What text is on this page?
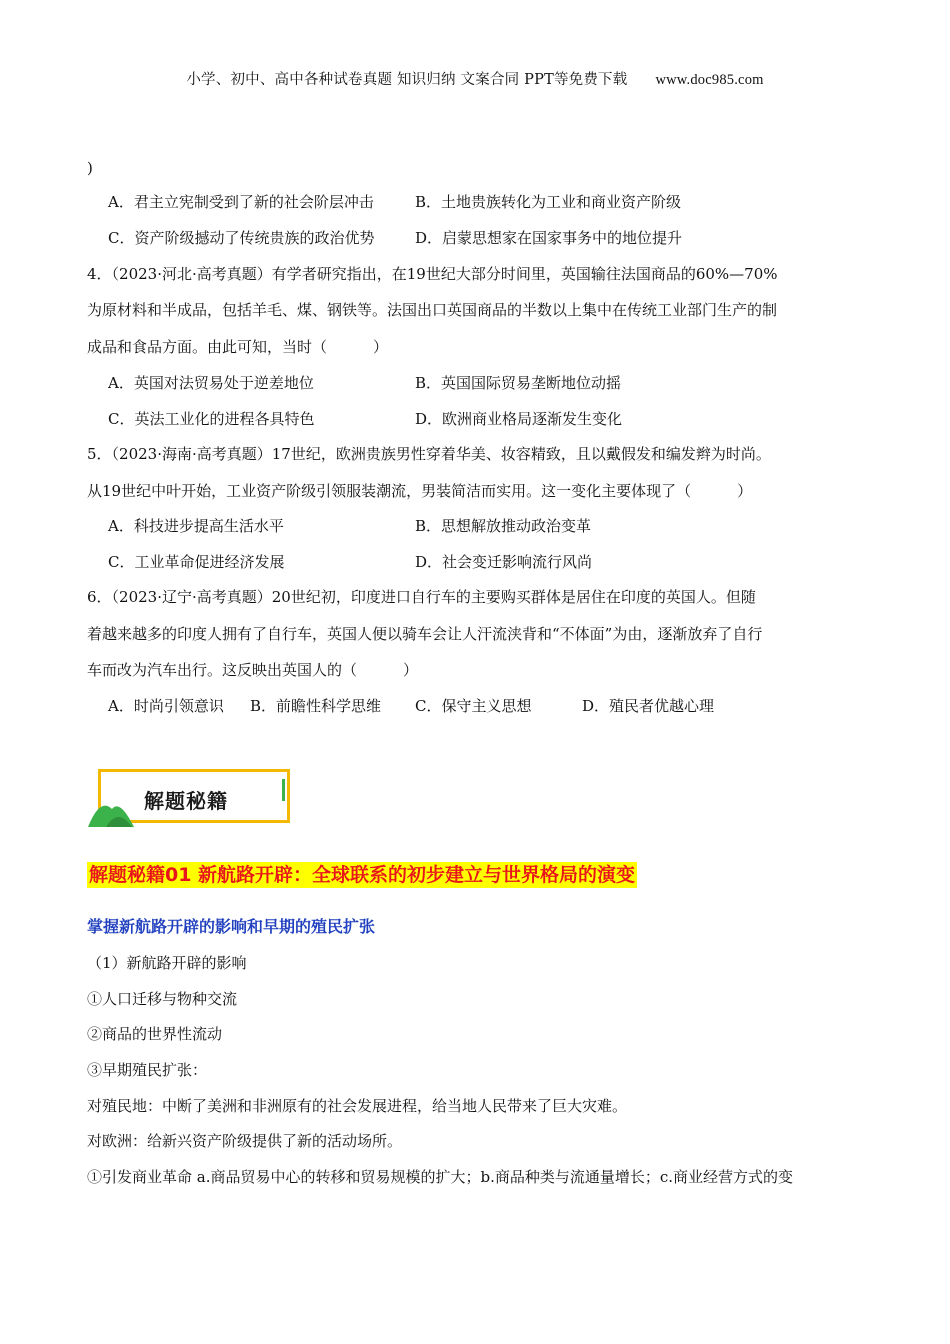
小学、初中、高中各种试卷真题 知识归纳 文案合同 PPT等免费下载 www.doc985.com
)
A．君主立宪制受到了新的社会阶层冲击	B．土地贵族转化为工业和商业资产阶级
C．资产阶级撼动了传统贵族的政治优势	D．启蒙思想家在国家事务中的地位提升
4．（2023·河北·高考真题）有学者研究指出，在19世纪大部分时间里，英国输往法国商品的60%—70%
为原材料和半成品，包括羊毛、煤、钢铁等。法国出口英国商品的半数以上集中在传统工业部门生产的制
成品和食品方面。由此可知，当时（	）
A．英国对法贸易处于逆差地位	B．英国国际贸易垄断地位动摇
C．英法工业化的进程各具特色	D．欧洲商业格局逐渐发生变化
5．（2023·海南·高考真题）17世纪，欧洲贵族男性穿着华美、妆容精致，且以戴假发和编发辫为时尚。
从19世纪中叶开始，工业资产阶级引领服装潮流，男装简洁而实用。这一变化主要体现了（	）
A．科技进步提高生活水平	B．思想解放推动政治变革
C．工业革命促进经济发展	D．社会变迁影响流行风尚
6．（2023·辽宁·高考真题）20世纪初，印度进口自行车的主要购买群体是居住在印度的英国人。但随
着越来越多的印度人拥有了自行车，英国人便以骑车会让人汗流浃背和“不体面”为由，逐渐放弃了自行
车而改为汽车出行。这反映出英国人的（	）
A．时尚引领意识 B．前瞻性科学思维 C．保守主义思想	D．殖民者优越心理
解题秘籍
解题秘籍01 新航路开辟：全球联系的初步建立与世界格局的演变
掌握新航路开辟的影响和早期的殖民扩张
（1）新航路开辟的影响
①人口迁移与物种交流
②商品的世界性流动
③早期殖民扩张：
对殖民地：中断了美洲和非洲原有的社会发展进程，给当地人民带来了巨大灾难。
对欧洲：给新兴资产阶级提供了新的活动场所。
①引发商业革命 a.商品贸易中心的转移和贸易规模的扩大；b.商品种类与流通量增长；c.商业经营方式的变
